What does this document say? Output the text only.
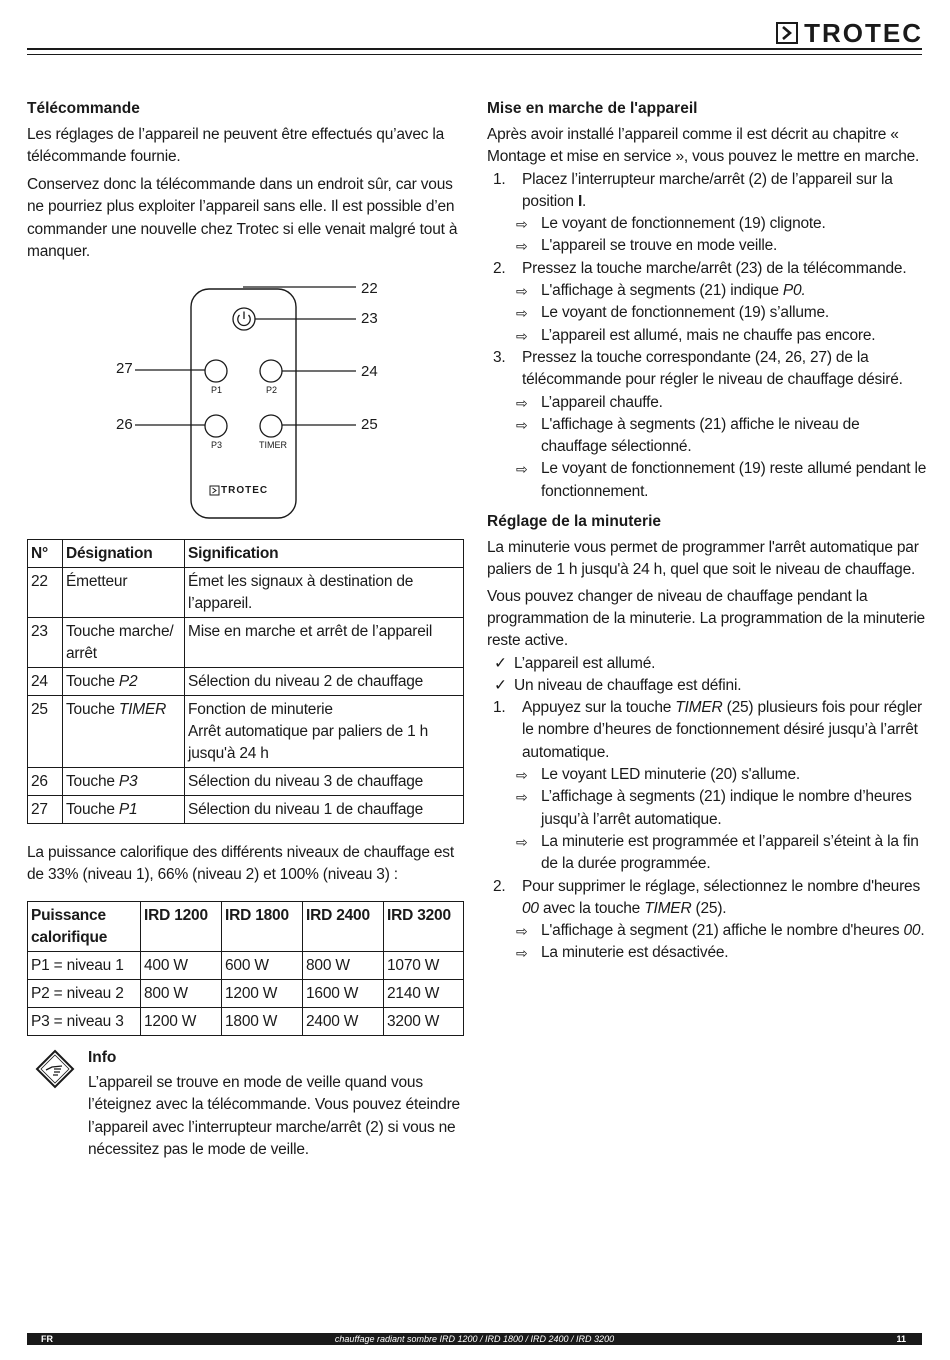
TROTEC
Télécommande

Les réglages de l’appareil ne peuvent être effectués qu’avec la télécommande fournie.

Conservez donc la télécommande dans un endroit sûr, car vous ne pourriez plus exploiter l’appareil sans elle. Il est possible d’en commander une nouvelle chez Trotec si elle venait malgré tout à manquer.

22
23
24
25
26
27
P1	P2
P3	TIMER
TROTEC
N°	Désignation	Signification
22	Émetteur	Émet les signaux à destination de l’appareil.

23	Touche marche/ arrêt	Mise en marche et arrêt de l’appareil

24	Touche P2	Sélection du niveau 2 de chauffage

25	Touche TIMER	Fonction de minuterie
Arrêt automatique par paliers de 1 h jusqu'à 24 h

26	Touche P3	Sélection du niveau 3 de chauffage

27	Touche P1	Sélection du niveau 1 de chauffage

La puissance calorifique des différents niveaux de chauffage est de 33% (niveau 1), 66% (niveau 2) et 100% (niveau 3) :

Puissance calorifique	IRD 1200	IRD 1800	IRD 2400	IRD 3200
P1 = niveau 1	400 W	600 W	800 W	1070 W
P2 = niveau 2	800 W	1200 W	1600 W	2140 W
P3 = niveau 3	1200 W	1800 W	2400 W	3200 W
Info

L’appareil se trouve en mode de veille quand vous l’éteignez avec la télécommande. Vous pouvez éteindre l’appareil avec l’interrupteur marche/arrêt (2) si vous ne nécessitez pas le mode de veille.

Mise en marche de l'appareil

Après avoir installé l’appareil comme il est décrit au chapitre « Montage et mise en service », vous pouvez le mettre en marche.

1. Placez l’interrupteur marche/arrêt (2) de l’appareil sur la position I.
⇨ Le voyant de fonctionnement (19) clignote.
⇨ L'appareil se trouve en mode veille.
2. Pressez la touche marche/arrêt (23) de la télécommande.
⇨ L'affichage à segments (21) indique P0.
⇨ Le voyant de fonctionnement (19) s’allume.
⇨ L’appareil est allumé, mais ne chauffe pas encore.
3. Pressez la touche correspondante (24, 26, 27) de la télécommande pour régler le niveau de chauffage désiré.
⇨ L’appareil chauffe.
⇨ L'affichage à segments (21) affiche le niveau de chauffage sélectionné.
⇨ Le voyant de fonctionnement (19) reste allumé pendant le fonctionnement.
Réglage de la minuterie

La minuterie vous permet de programmer l'arrêt automatique par paliers de 1 h jusqu'à 24 h, quel que soit le niveau de chauffage.

Vous pouvez changer de niveau de chauffage pendant la programmation de la minuterie. La programmation de la minuterie reste active.

✓ L’appareil est allumé.
✓ Un niveau de chauffage est défini.
1. Appuyez sur la touche TIMER (25) plusieurs fois pour régler le nombre d’heures de fonctionnement désiré jusqu’à l’arrêt automatique.
⇨ Le voyant LED minuterie (20) s'allume.
⇨ L’affichage à segments (21) indique le nombre d’heures jusqu’à l’arrêt automatique.
⇨ La minuterie est programmée et l’appareil s’éteint à la fin de la durée programmée.
2. Pour supprimer le réglage, sélectionnez le nombre d'heures 00 avec la touche TIMER (25).
⇨ L'affichage à segment (21) affiche le nombre d'heures 00.
⇨ La minuterie est désactivée.
chauffage radiant sombre IRD 1200 / IRD 1800 / IRD 2400 / IRD 3200
FR	11
